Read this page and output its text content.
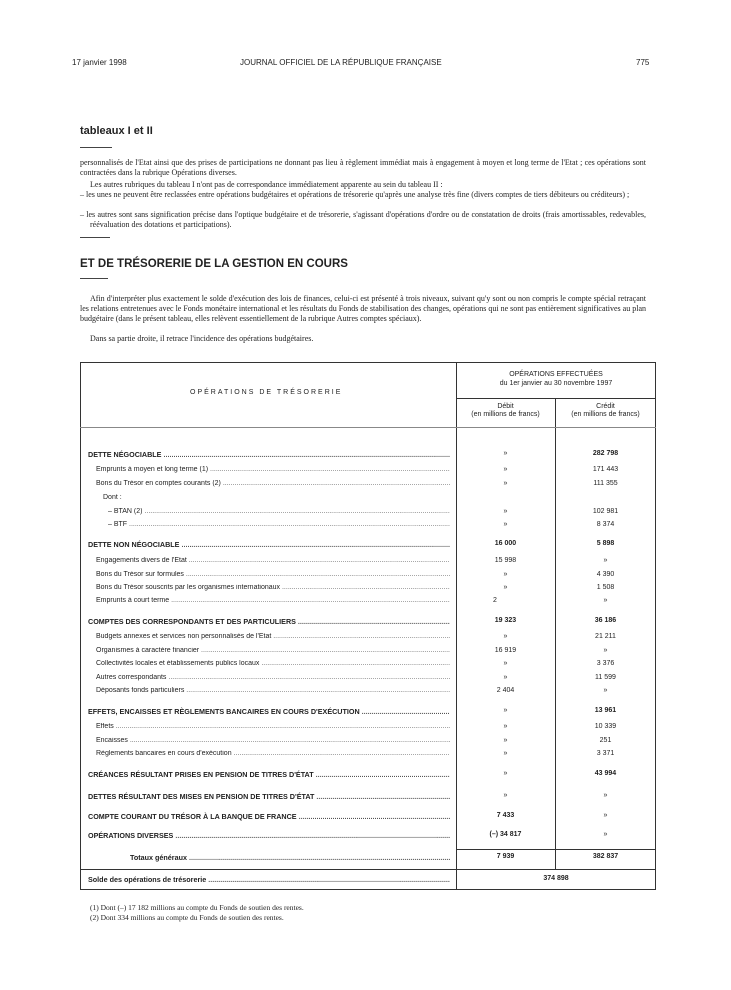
17 janvier 1998	JOURNAL OFFICIEL DE LA RÉPUBLIQUE FRANÇAISE	775
tableaux I et II

personnalisés de l'Etat ainsi que des prises de participations ne donnant pas lieu à règlement immédiat mais à engagement à moyen et long terme de l'Etat ; ces opérations sont contractées dans la rubrique Opérations diverses.

Les autres rubriques du tableau I n'ont pas de correspondance immédiatement apparente au sein du tableau II :

– les unes ne peuvent être reclassées entre opérations budgétaires et opérations de trésorerie qu'après une analyse très fine (divers comptes de tiers débiteurs ou créditeurs) ;

– les autres sont sans signification précise dans l'optique budgétaire et de trésorerie, s'agissant d'opérations d'ordre ou de constatation de droits (frais amortissables, redevables, réévaluation des dotations et participations).

ET DE TRÉSORERIE DE LA GESTION EN COURS

Afin d'interpréter plus exactement le solde d'exécution des lois de finances, celui-ci est présenté à trois niveaux, suivant qu'y sont ou non compris le compte spécial retraçant les relations entretenues avec le Fonds monétaire international et les résultats du Fonds de stabilisation des changes, opérations qui ne sont pas entièrement significatives au plan budgétaire (dans le présent tableau, elles relèvent essentiellement de la rubrique Autres comptes spéciaux).

Dans sa partie droite, il retrace l'incidence des opérations budgétaires.

OPÉRATIONS DE TRÉSORERIE
OPÉRATIONS EFFECTUÉES
du 1er janvier au 30 novembre 1997
Débit
(en millions de francs)
Crédit
(en millions de francs)
DETTE NÉGOCIABLE .....	»	282 798
Emprunts à moyen et long terme (1) .....	»	171 443
Bons du Trésor en comptes courants (2) .....	»	111 355
Dont :
– BTAN (2) .....	»	102 981
– BTF .....	»	8 374
DETTE NON NÉGOCIABLE .....	16 000	5 898
Engagements divers de l'Etat .....	15 998	»
Bons du Trésor sur formules .....	»	4 390
Bons du Trésor souscrits par les organismes internationaux .....	»	1 508
Emprunts à court terme .....	2	»
COMPTES DES CORRESPONDANTS ET DES PARTICULIERS .....	19 323	36 186
Budgets annexes et services non personnalisés de l'Etat .....	»	21 211
Organismes à caractère financier .....	16 919	»
Collectivités locales et établissements publics locaux .....	»	3 376
Autres correspondants .....	»	11 599
Déposants fonds particuliers .....	2 404	»
EFFETS, ENCAISSES ET RÈGLEMENTS BANCAIRES EN COURS D'EXÉCUTION .....	»	13 961
Effets .....	»	10 339
Encaisses .....	»	251
Règlements bancaires en cours d'exécution .....	»	3 371
CRÉANCES RÉSULTANT PRISES EN PENSION DE TITRES D'ÉTAT .....	»	43 994
DETTES RÉSULTANT DES MISES EN PENSION DE TITRES D'ÉTAT .....	»	»
COMPTE COURANT DU TRÉSOR À LA BANQUE DE FRANCE .....	7 433	»
OPÉRATIONS DIVERSES .....	(–) 34 817	»
Totaux généraux .....	7 939	382 837
Solde des opérations de trésorerie .....	374 898
(1) Dont (–) 17 182 millions au compte du Fonds de soutien des rentes.
(2) Dont 334 millions au compte du Fonds de soutien des rentes.
